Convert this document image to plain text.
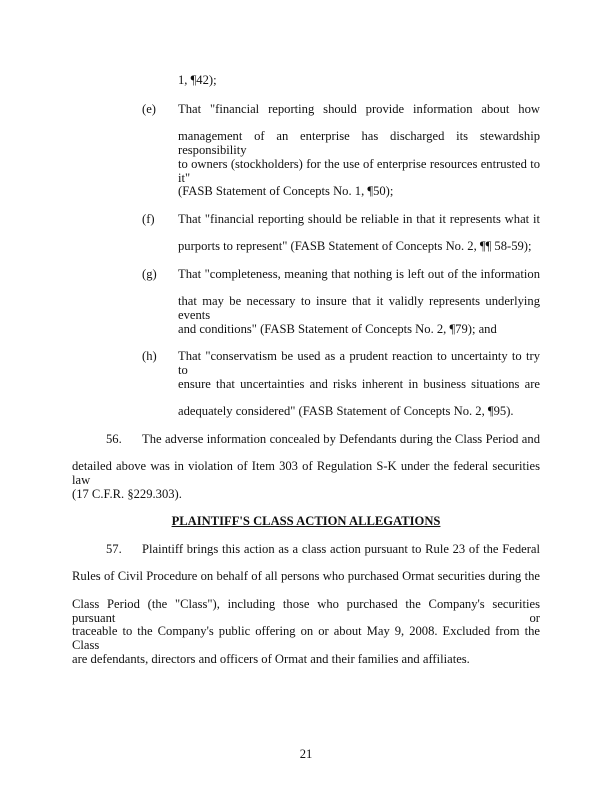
1, ¶42);
(e) That "financial reporting should provide information about how
management of an enterprise has discharged its stewardship responsibility
to owners (stockholders) for the use of enterprise resources entrusted to it"
(FASB Statement of Concepts No. 1, ¶50);
(f) That "financial reporting should be reliable in that it represents what it
purports to represent" (FASB Statement of Concepts No. 2, ¶¶ 58-59);
(g) That "completeness, meaning that nothing is left out of the information
that may be necessary to insure that it validly represents underlying events
and conditions" (FASB Statement of Concepts No. 2, ¶79); and
(h) That "conservatism be used as a prudent reaction to uncertainty to try to
ensure that uncertainties and risks inherent in business situations are
adequately considered" (FASB Statement of Concepts No. 2, ¶95).
56. The adverse information concealed by Defendants during the Class Period and
detailed above was in violation of Item 303 of Regulation S-K under the federal securities law
(17 C.F.R. §229.303).
PLAINTIFF'S CLASS ACTION ALLEGATIONS
57. Plaintiff brings this action as a class action pursuant to Rule 23 of the Federal
Rules of Civil Procedure on behalf of all persons who purchased Ormat securities during the
Class Period (the "Class"), including those who purchased the Company's securities pursuant or
traceable to the Company's public offering on or about May 9, 2008. Excluded from the Class
are defendants, directors and officers of Ormat and their families and affiliates.
21
